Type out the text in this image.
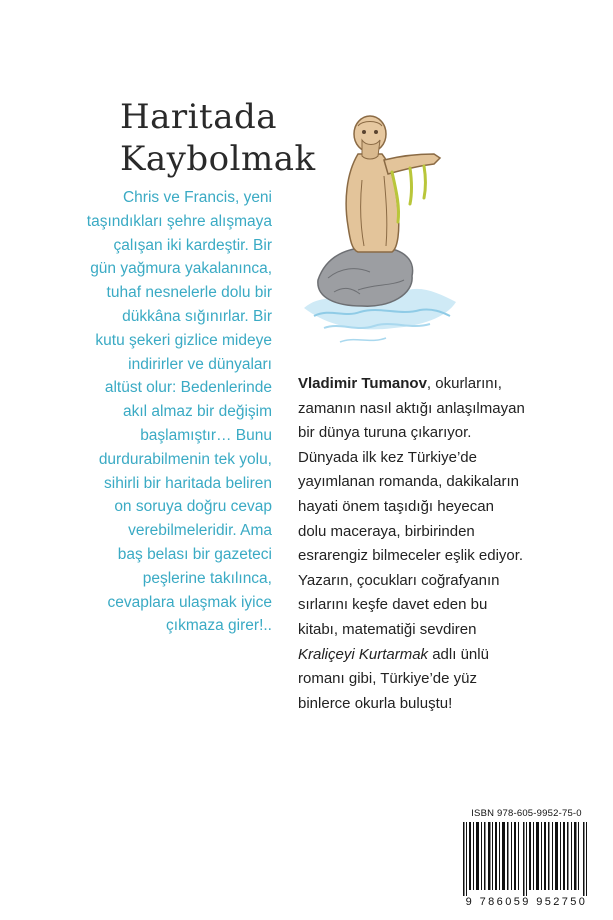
Haritada
Kaybolmak
Chris ve Francis, yeni
taşındıkları şehre alışmaya
çalışan iki kardeştir. Bir
gün yağmura yakalanınca,
tuhaf nesnelerle dolu bir
dükkâna sığınırlar. Bir
kutu şekeri gizlice mideye
indirirler ve dünyaları
altüst olur: Bedenlerinde
akıl almaz bir değişim
başlamıştır… Bunu
durdurabilmenin tek yolu,
sihirli bir haritada beliren
on soruya doğru cevap
verebilmeleridir. Ama
baş belası bir gazeteci
peşlerine takılınca,
cevaplara ulaşmak iyice
çıkmaza girer!..
Vladimir Tumanov, okurlarını,
zamanın nasıl aktığı anlaşılmayan
bir dünya turuna çıkarıyor.
Dünyada ilk kez Türkiye’de
yayımlanan romanda, dakikaların
hayati önem taşıdığı heyecan
dolu maceraya, birbirinden
esrarengiz bilmeceler eşlik ediyor.
Yazarın, çocukları coğrafyanın
sırlarını keşfe davet eden bu
kitabı, matematiği sevdiren
Kraliçeyi Kurtarmak adlı ünlü
romanı gibi, Türkiye’de yüz
binlerce okurla buluştu!
ISBN 978-605-9952-75-0
9 786059 952750
